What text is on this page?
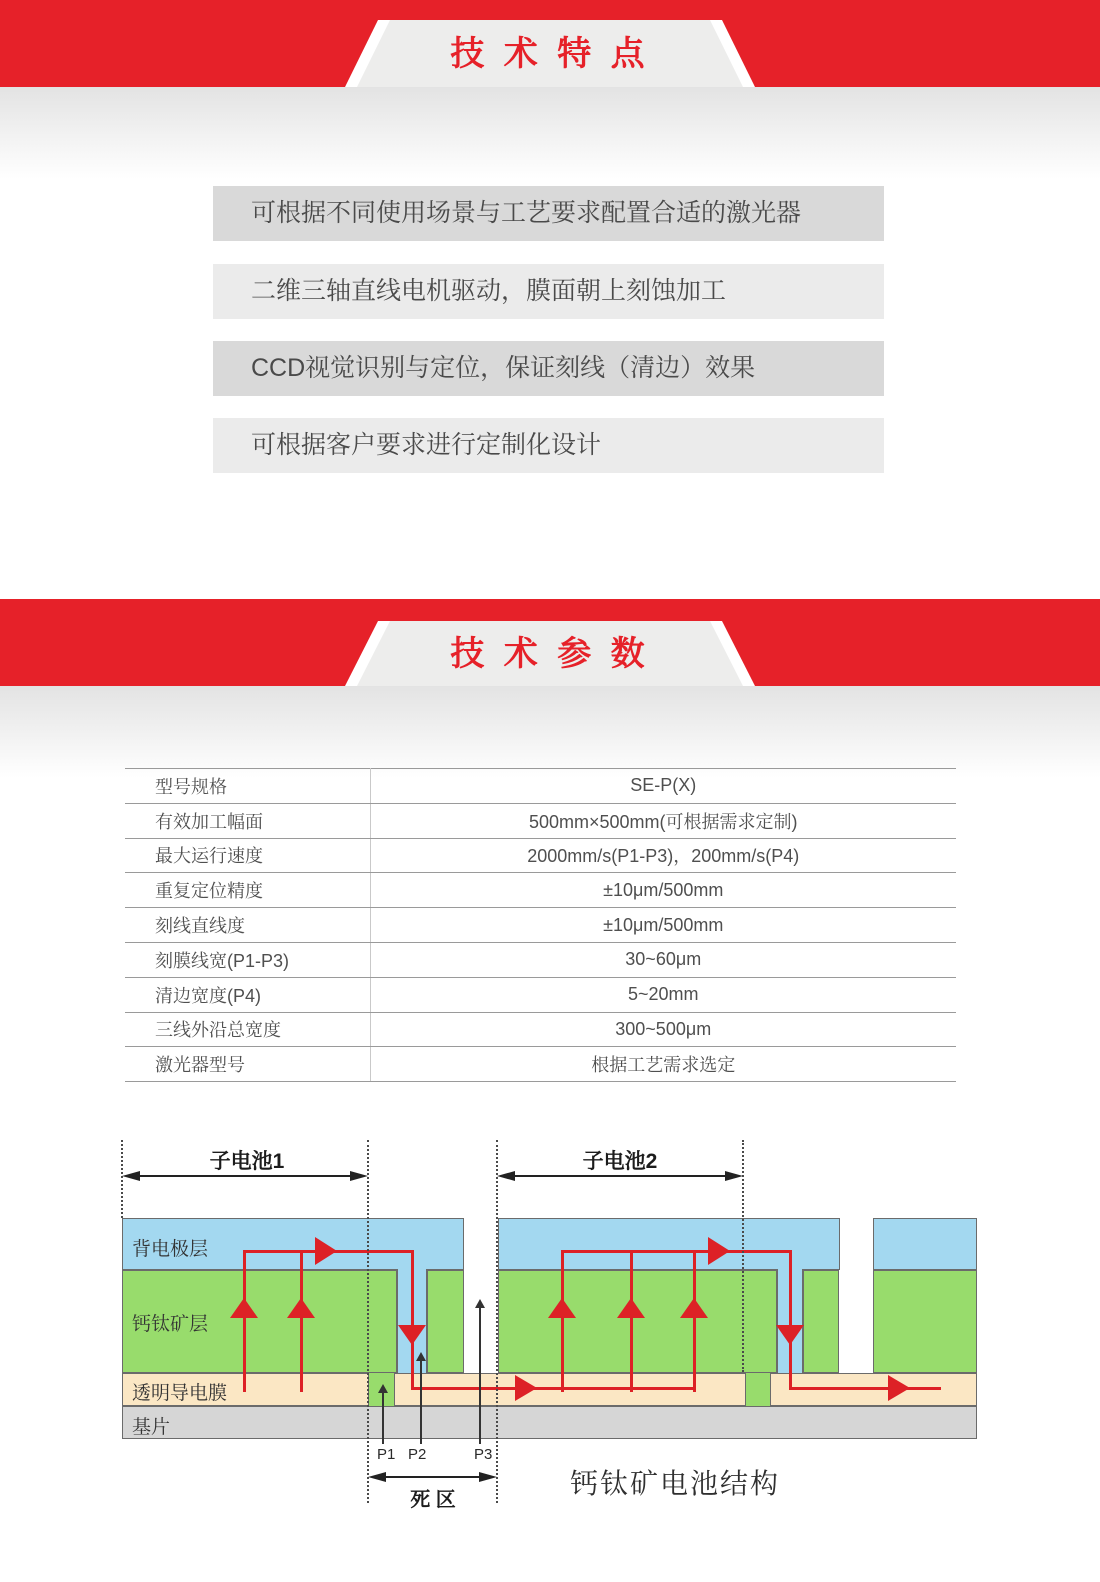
技 术 特 点
可根据不同使用场景与工艺要求配置合适的激光器
二维三轴直线电机驱动，膜面朝上刻蚀加工
CCD视觉识别与定位，保证刻线（清边）效果
可根据客户要求进行定制化设计
技 术 参 数
型号规格	SE-P(X)
有效加工幅面	500mm×500mm(可根据需求定制)
最大运行速度	2000mm/s(P1-P3)，200mm/s(P4)
重复定位精度	±10μm/500mm
刻线直线度	±10μm/500mm
刻膜线宽(P1-P3)	30~60μm
清边宽度(P4)	5~20mm
三线外沿总宽度	300~500μm
激光器型号	根据工艺需求选定
背电极层
钙钛矿层
透明导电膜
基片
子电池1	子电池2
死 区
P1 P2	P3
钙钛矿电池结构
